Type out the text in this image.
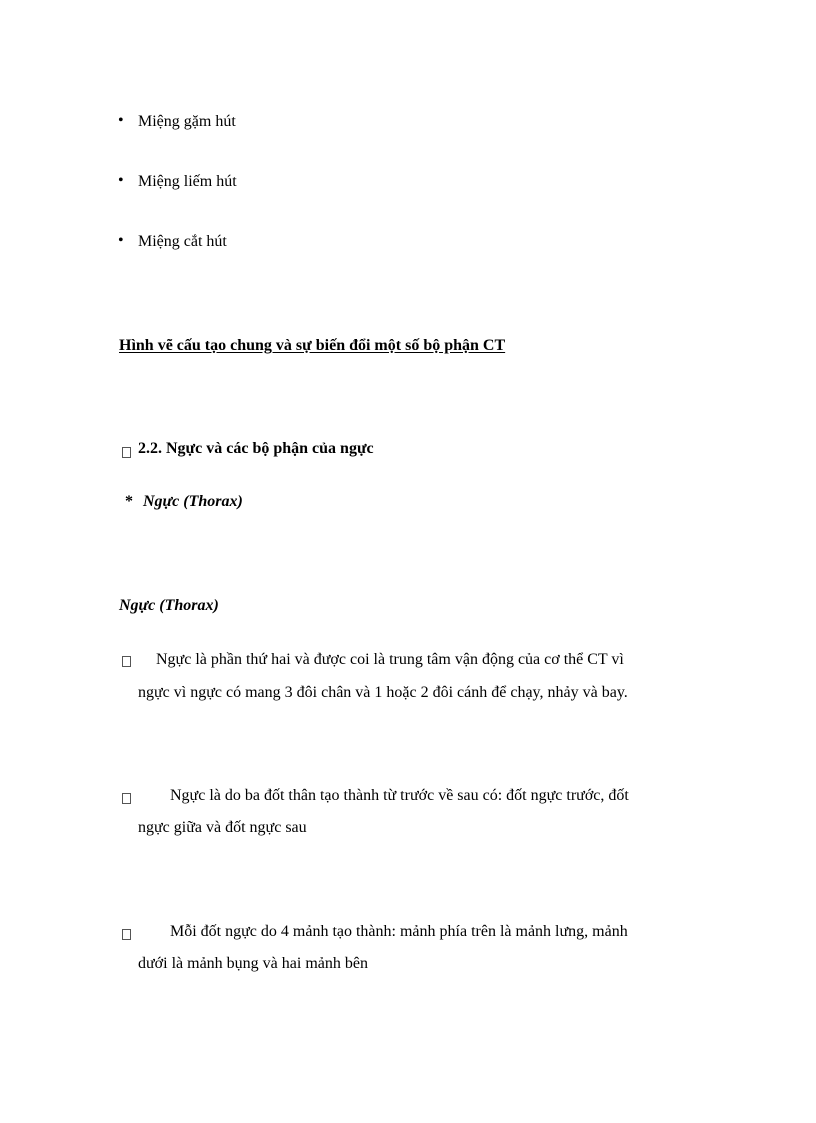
• Miệng gặm hút
• Miệng liếm hút
• Miệng cắt hút
Hình vẽ cấu tạo chung và sự biến đổi một số bộ phận CT
2.2. Ngực và các bộ phận của ngực
* Ngực (Thorax)
Ngực (Thorax)
Ngực là phần thứ hai và được coi là trung tâm vận động của cơ thể CT vì
ngực vì ngực có mang 3 đôi chân và 1 hoặc 2 đôi cánh để chạy, nhảy và bay.
Ngực là do ba đốt thân tạo thành từ trước về sau có: đốt ngực trước, đốt
ngực giữa và đốt ngực sau
Mỗi đốt ngực do 4 mảnh tạo thành: mảnh phía trên là mảnh lưng, mảnh
dưới là mảnh bụng và hai mảnh bên
